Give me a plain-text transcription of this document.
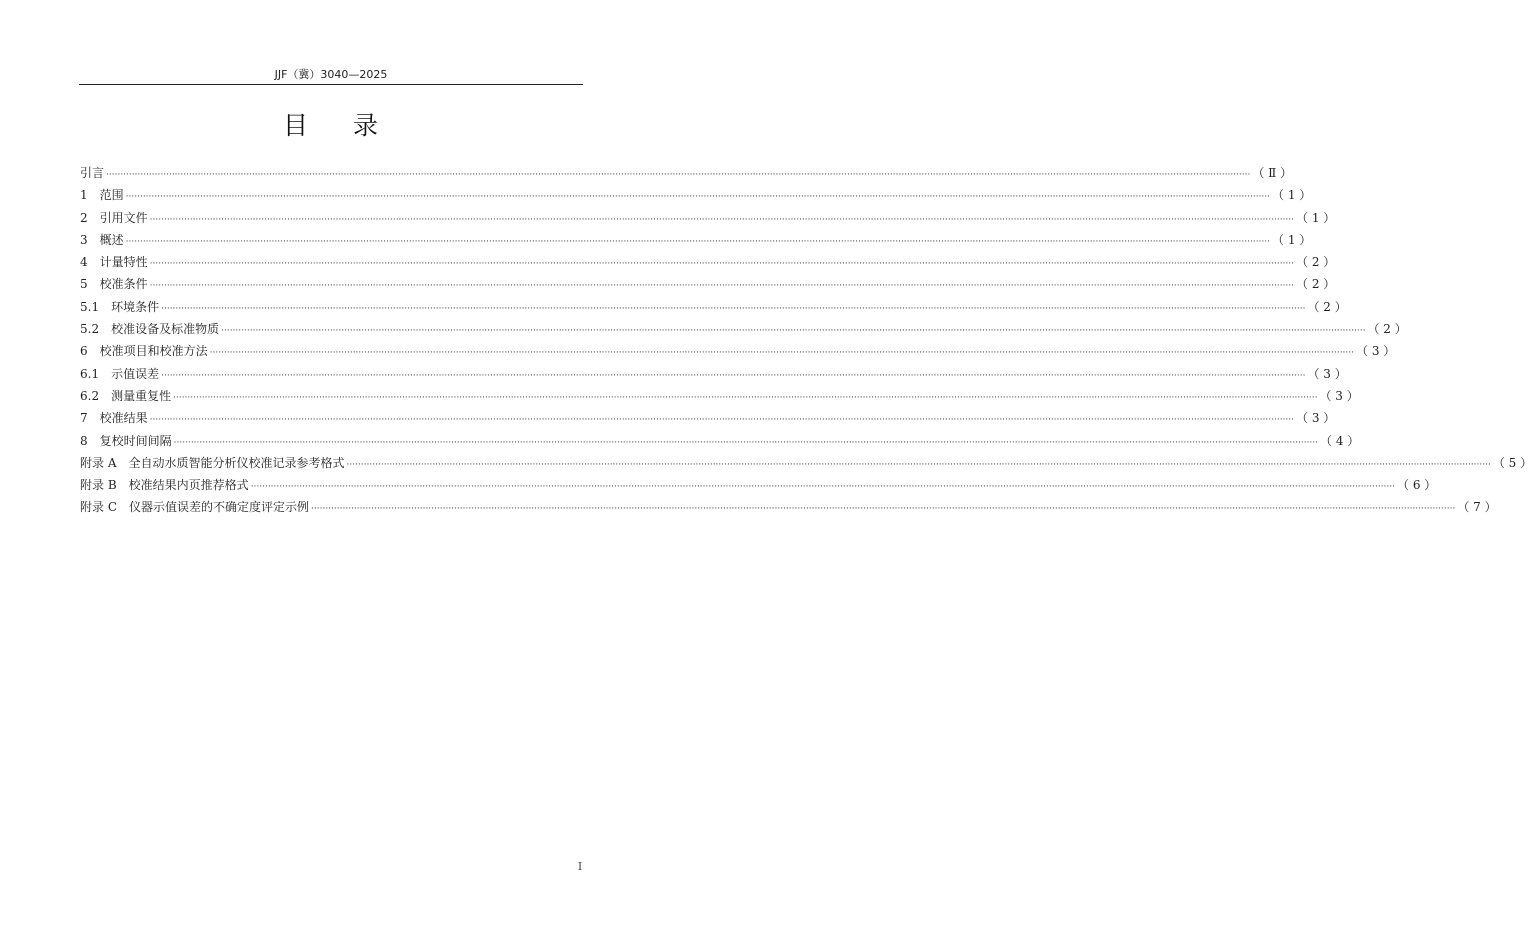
JJF（冀）3040—2025
目 录
引言 ················································································································································································································································································································································································································ （ Ⅱ ）
1 范围 ················································································································································································································································································································································································································ （ 1 ）
2 引用文件 ················································································································································································································································································································································································································ （ 1 ）
3 概述 ················································································································································································································································································································································································································ （ 1 ）
4 计量特性 ················································································································································································································································································································································································································ （ 2 ）
5 校准条件 ················································································································································································································································································································································································································ （ 2 ）
5.1 环境条件 ················································································································································································································································································································································································································ （ 2 ）
5.2 校准设备及标准物质 ················································································································································································································································································································································································································ （ 2 ）
6 校准项目和校准方法 ················································································································································································································································································································································································································ （ 3 ）
6.1 示值误差 ················································································································································································································································································································································································································ （ 3 ）
6.2 测量重复性 ················································································································································································································································································································································································································ （ 3 ）
7 校准结果 ················································································································································································································································································································································································································ （ 3 ）
8 复校时间间隔 ················································································································································································································································································································································································································ （ 4 ）
附录 A 全自动水质智能分析仪校准记录参考格式 ················································································································································································································································································································································································································ （ 5 ）
附录 B 校准结果内页推荐格式 ················································································································································································································································································································································································································ （ 6 ）
附录 C 仪器示值误差的不确定度评定示例 ················································································································································································································································································································································································································ （ 7 ）
I
